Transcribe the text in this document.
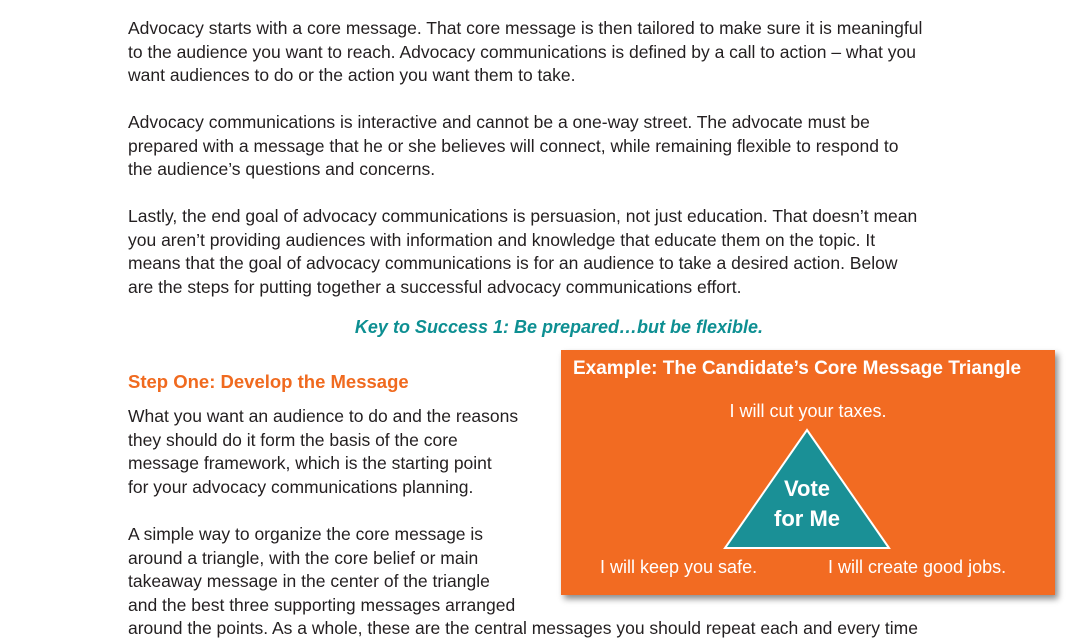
Advocacy starts with a core message. That core message is then tailored to make sure it is meaningful
to the audience you want to reach. Advocacy communications is defined by a call to action – what you
want audiences to do or the action you want them to take.
Advocacy communications is interactive and cannot be a one-way street. The advocate must be
prepared with a message that he or she believes will connect, while remaining flexible to respond to
the audience’s questions and concerns.
Lastly, the end goal of advocacy communications is persuasion, not just education. That doesn’t mean
you aren’t providing audiences with information and knowledge that educate them on the topic. It
means that the goal of advocacy communications is for an audience to take a desired action. Below
are the steps for putting together a successful advocacy communications effort.
Key to Success 1: Be prepared…but be flexible.
Step One: Develop the Message
What you want an audience to do and the reasons
they should do it form the basis of the core
message framework, which is the starting point
for your advocacy communications planning.
A simple way to organize the core message is
around a triangle, with the core belief or main
takeaway message in the center of the triangle
and the best three supporting messages arranged
around the points. As a whole, these are the central messages you should repeat each and every time

Example: The Candidate’s Core Message Triangle

I will cut your taxes.

Vote
for Me

I will keep you safe.	I will create good jobs.
